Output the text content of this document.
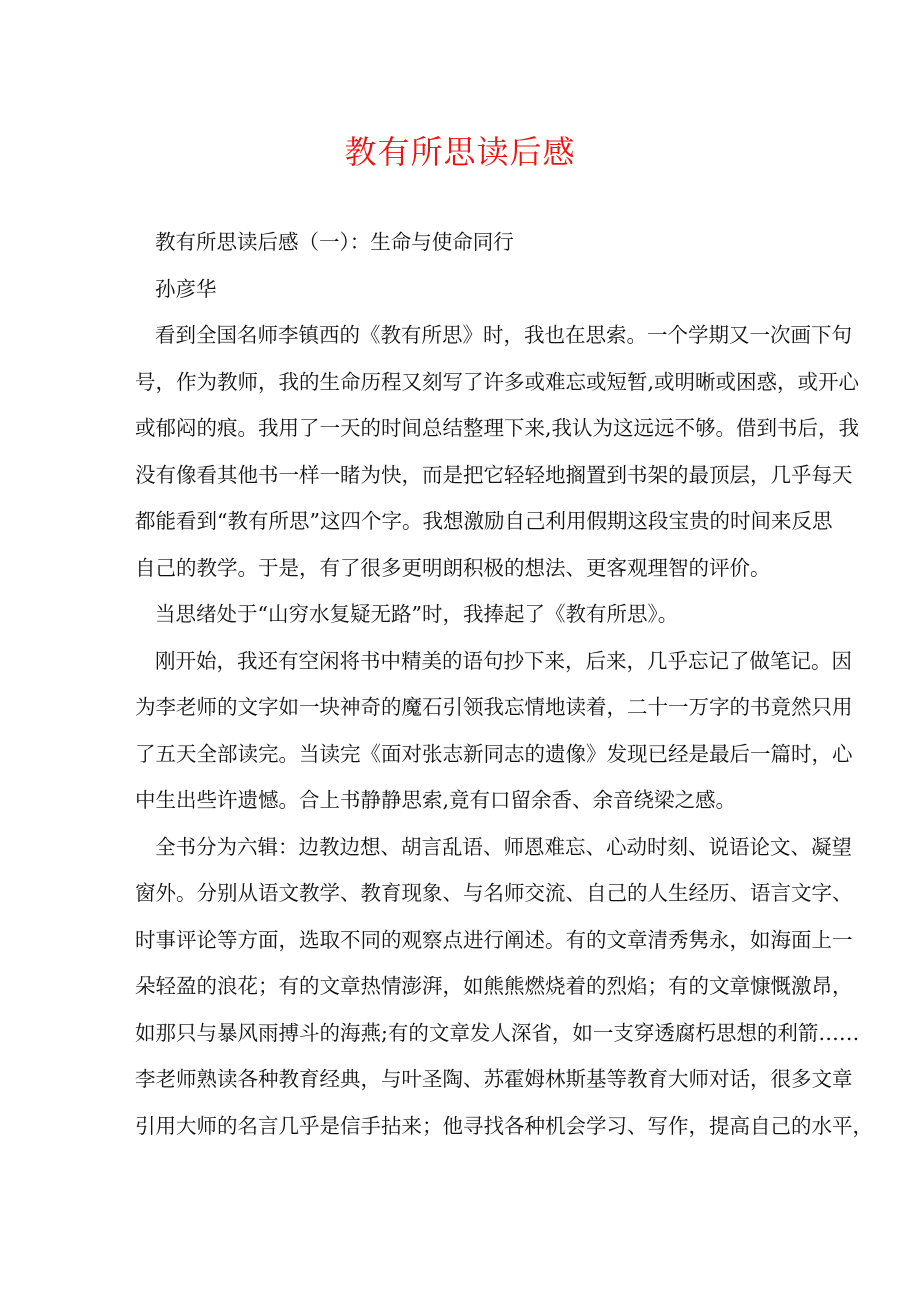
教有所思读后感
教有所思读后感（一）：生命与使命同行
孙彦华
看到全国名师李镇西的《教有所思》时，我也在思索。一个学期又一次画下句
号，作为教师，我的生命历程又刻写了许多或难忘或短暂,或明晰或困惑，或开心
或郁闷的痕。我用了一天的时间总结整理下来,我认为这远远不够。借到书后，我
没有像看其他书一样一睹为快，而是把它轻轻地搁置到书架的最顶层，几乎每天
都能看到“教有所思”这四个字。我想激励自己利用假期这段宝贵的时间来反思
自己的教学。于是，有了很多更明朗积极的想法、更客观理智的评价。
当思绪处于“山穷水复疑无路”时，我捧起了《教有所思》。
刚开始，我还有空闲将书中精美的语句抄下来，后来，几乎忘记了做笔记。因
为李老师的文字如一块神奇的魔石引领我忘情地读着，二十一万字的书竟然只用
了五天全部读完。当读完《面对张志新同志的遗像》发现已经是最后一篇时，心
中生出些许遗憾。合上书静静思索,竟有口留余香、余音绕梁之感。
全书分为六辑：边教边想、胡言乱语、师恩难忘、心动时刻、说语论文、凝望
窗外。分别从语文教学、教育现象、与名师交流、自己的人生经历、语言文字、
时事评论等方面，选取不同的观察点进行阐述。有的文章清秀隽永，如海面上一
朵轻盈的浪花；有的文章热情澎湃，如熊熊燃烧着的烈焰；有的文章慷慨激昂，
如那只与暴风雨搏斗的海燕;有的文章发人深省，如一支穿透腐朽思想的利箭……
李老师熟读各种教育经典，与叶圣陶、苏霍姆林斯基等教育大师对话，很多文章
引用大师的名言几乎是信手拈来；他寻找各种机会学习、写作，提高自己的水平，
